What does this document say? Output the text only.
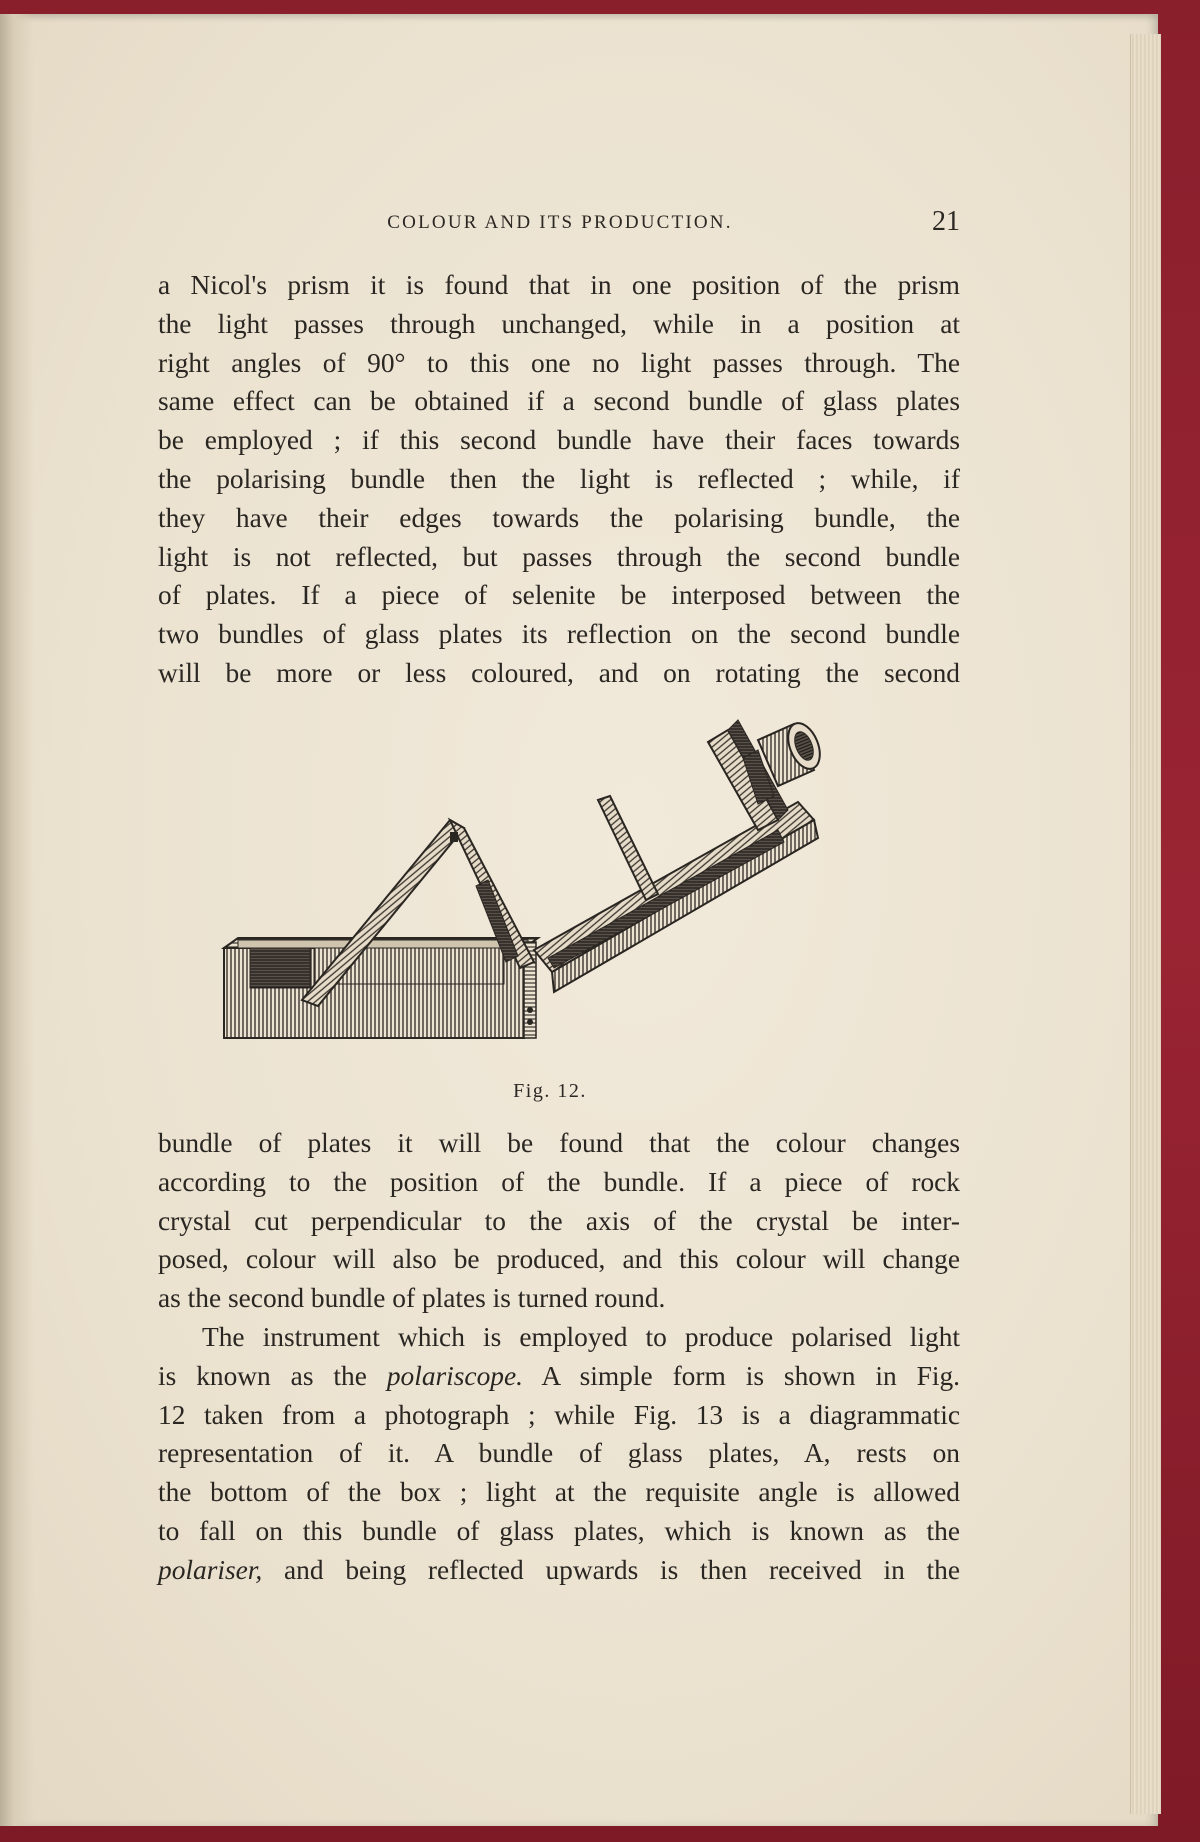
COLOUR AND ITS PRODUCTION.	21
a Nicol's prism it is found that in one position of the prism
the light passes through unchanged, while in a position at
right angles of 90° to this one no light passes through. The
same effect can be obtained if a second bundle of glass plates
be employed ; if this second bundle have their faces towards
the polarising bundle then the light is reflected ; while, if
they have their edges towards the polarising bundle, the
light is not reflected, but passes through the second bundle
of plates. If a piece of selenite be interposed between the
two bundles of glass plates its reflection on the second bundle
will be more or less coloured, and on rotating the second
Fig. 12.
bundle of plates it will be found that the colour changes
according to the position of the bundle. If a piece of rock
crystal cut perpendicular to the axis of the crystal be inter-
posed, colour will also be produced, and this colour will change
as the second bundle of plates is turned round.
The instrument which is employed to produce polarised light
is known as the polariscope. A simple form is shown in Fig.
12 taken from a photograph ; while Fig. 13 is a diagrammatic
representation of it. A bundle of glass plates, A, rests on
the bottom of the box ; light at the requisite angle is allowed
to fall on this bundle of glass plates, which is known as the
polariser, and being reflected upwards is then received in the
